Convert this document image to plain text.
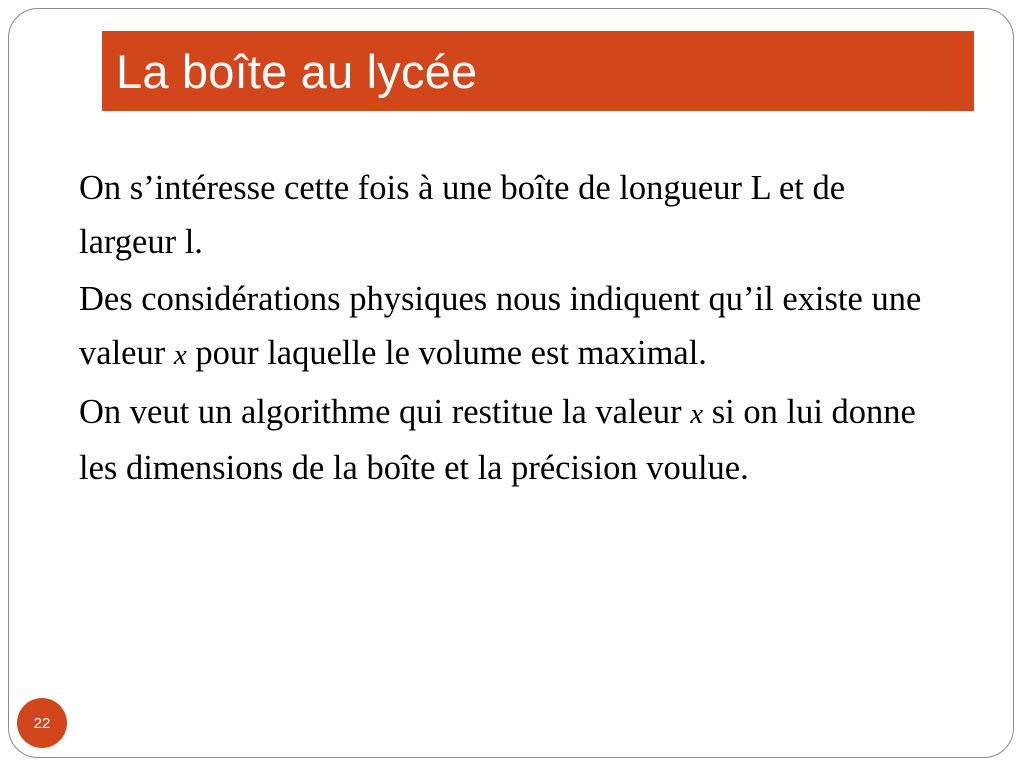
La boîte au lycée

On s’intéresse cette fois à une boîte de longueur L et de largeur l.

Des considérations physiques nous indiquent qu’il existe une valeur x pour laquelle le volume est maximal.

On veut un algorithme qui restitue la valeur x si on lui donne les dimensions de la boîte et la précision voulue.

22
